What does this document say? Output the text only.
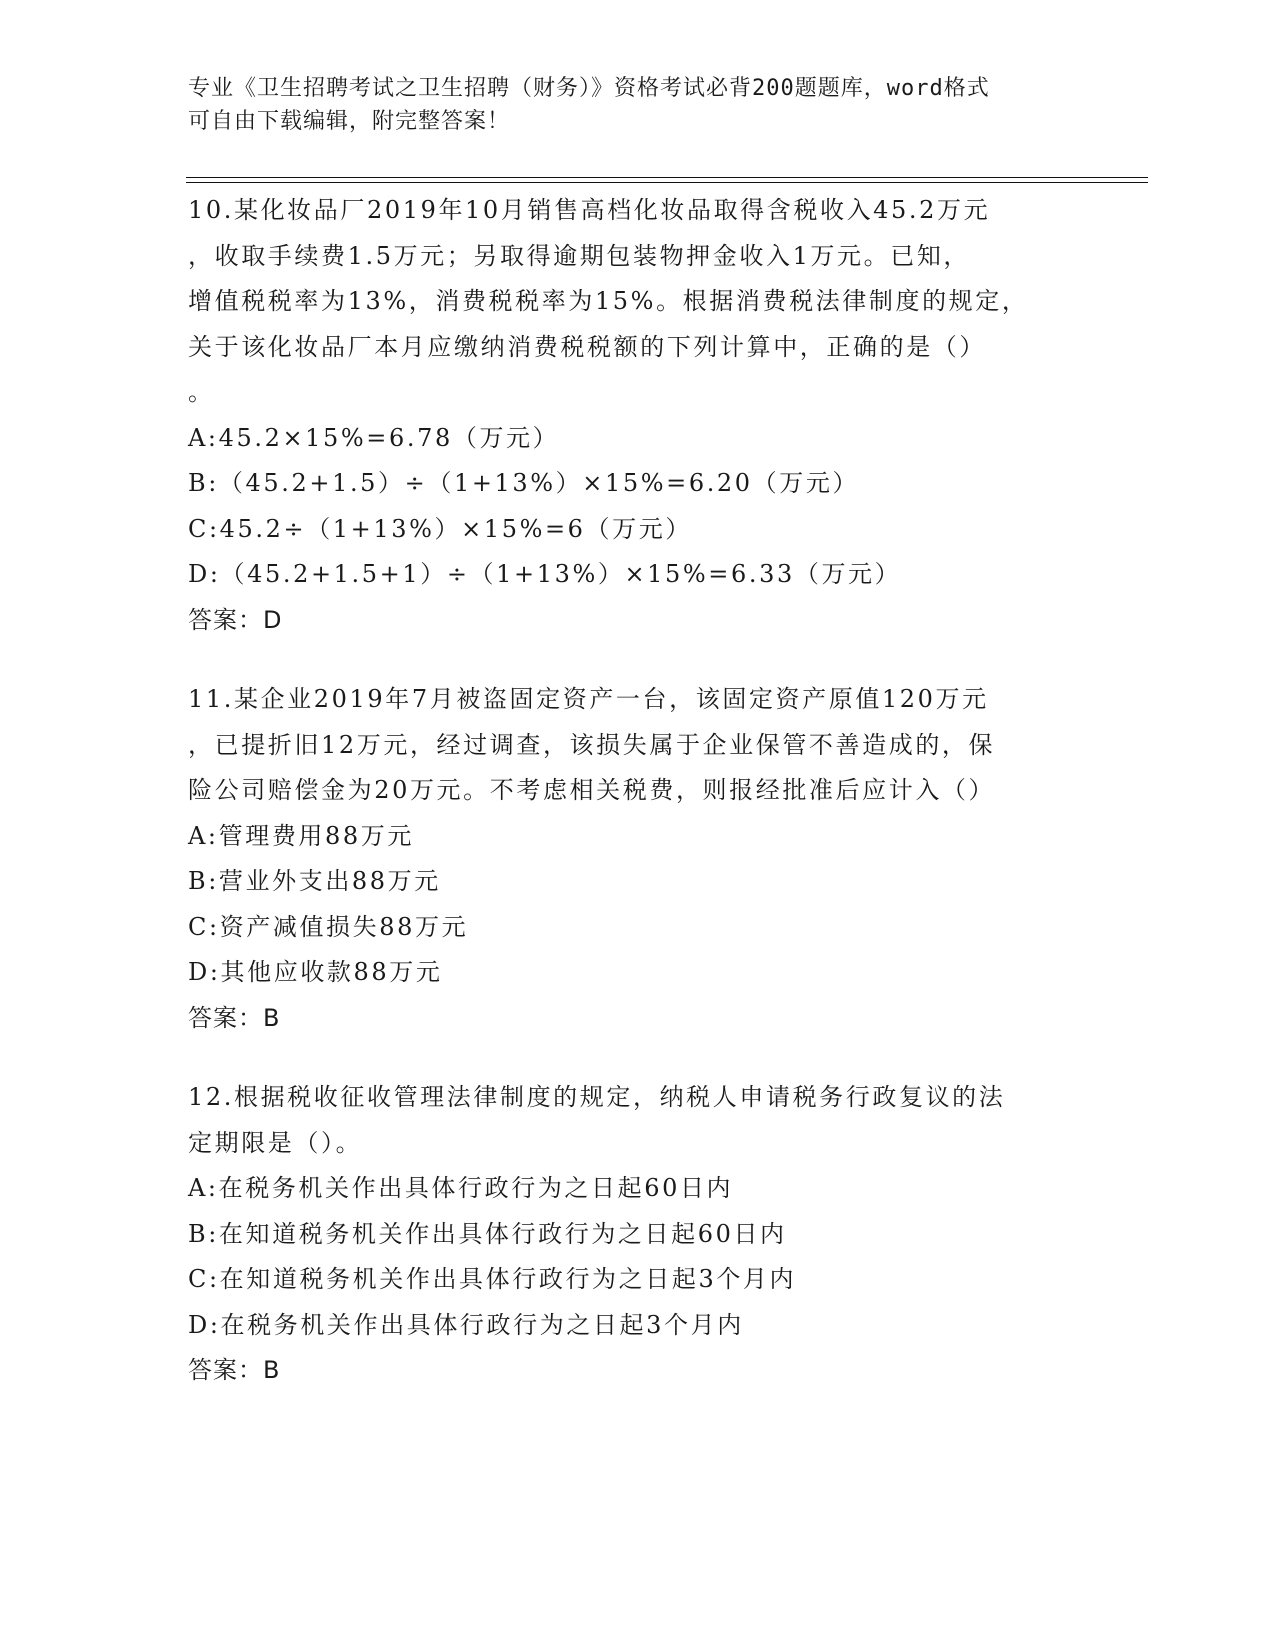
专业《卫生招聘考试之卫生招聘（财务）》资格考试必背200题题库，word格式
可自由下载编辑，附完整答案！
10.某化妆品厂2019年10月销售高档化妆品取得含税收入45.2万元
，收取手续费1.5万元；另取得逾期包装物押金收入1万元。已知，
增值税税率为13%，消费税税率为15%。根据消费税法律制度的规定，
关于该化妆品厂本月应缴纳消费税税额的下列计算中，正确的是（）
。
A:45.2×15%=6.78（万元）
B:（45.2+1.5）÷（1+13%）×15%=6.20（万元）
C:45.2÷（1+13%）×15%=6（万元）
D:（45.2+1.5+1）÷（1+13%）×15%=6.33（万元）
答案：D
11.某企业2019年7月被盗固定资产一台，该固定资产原值120万元
，已提折旧12万元，经过调查，该损失属于企业保管不善造成的，保
险公司赔偿金为20万元。不考虑相关税费，则报经批准后应计入（）
A:管理费用88万元
B:营业外支出88万元
C:资产减值损失88万元
D:其他应收款88万元
答案：B
12.根据税收征收管理法律制度的规定，纳税人申请税务行政复议的法
定期限是（）。
A:在税务机关作出具体行政行为之日起60日内
B:在知道税务机关作出具体行政行为之日起60日内
C:在知道税务机关作出具体行政行为之日起3个月内
D:在税务机关作出具体行政行为之日起3个月内
答案：B
